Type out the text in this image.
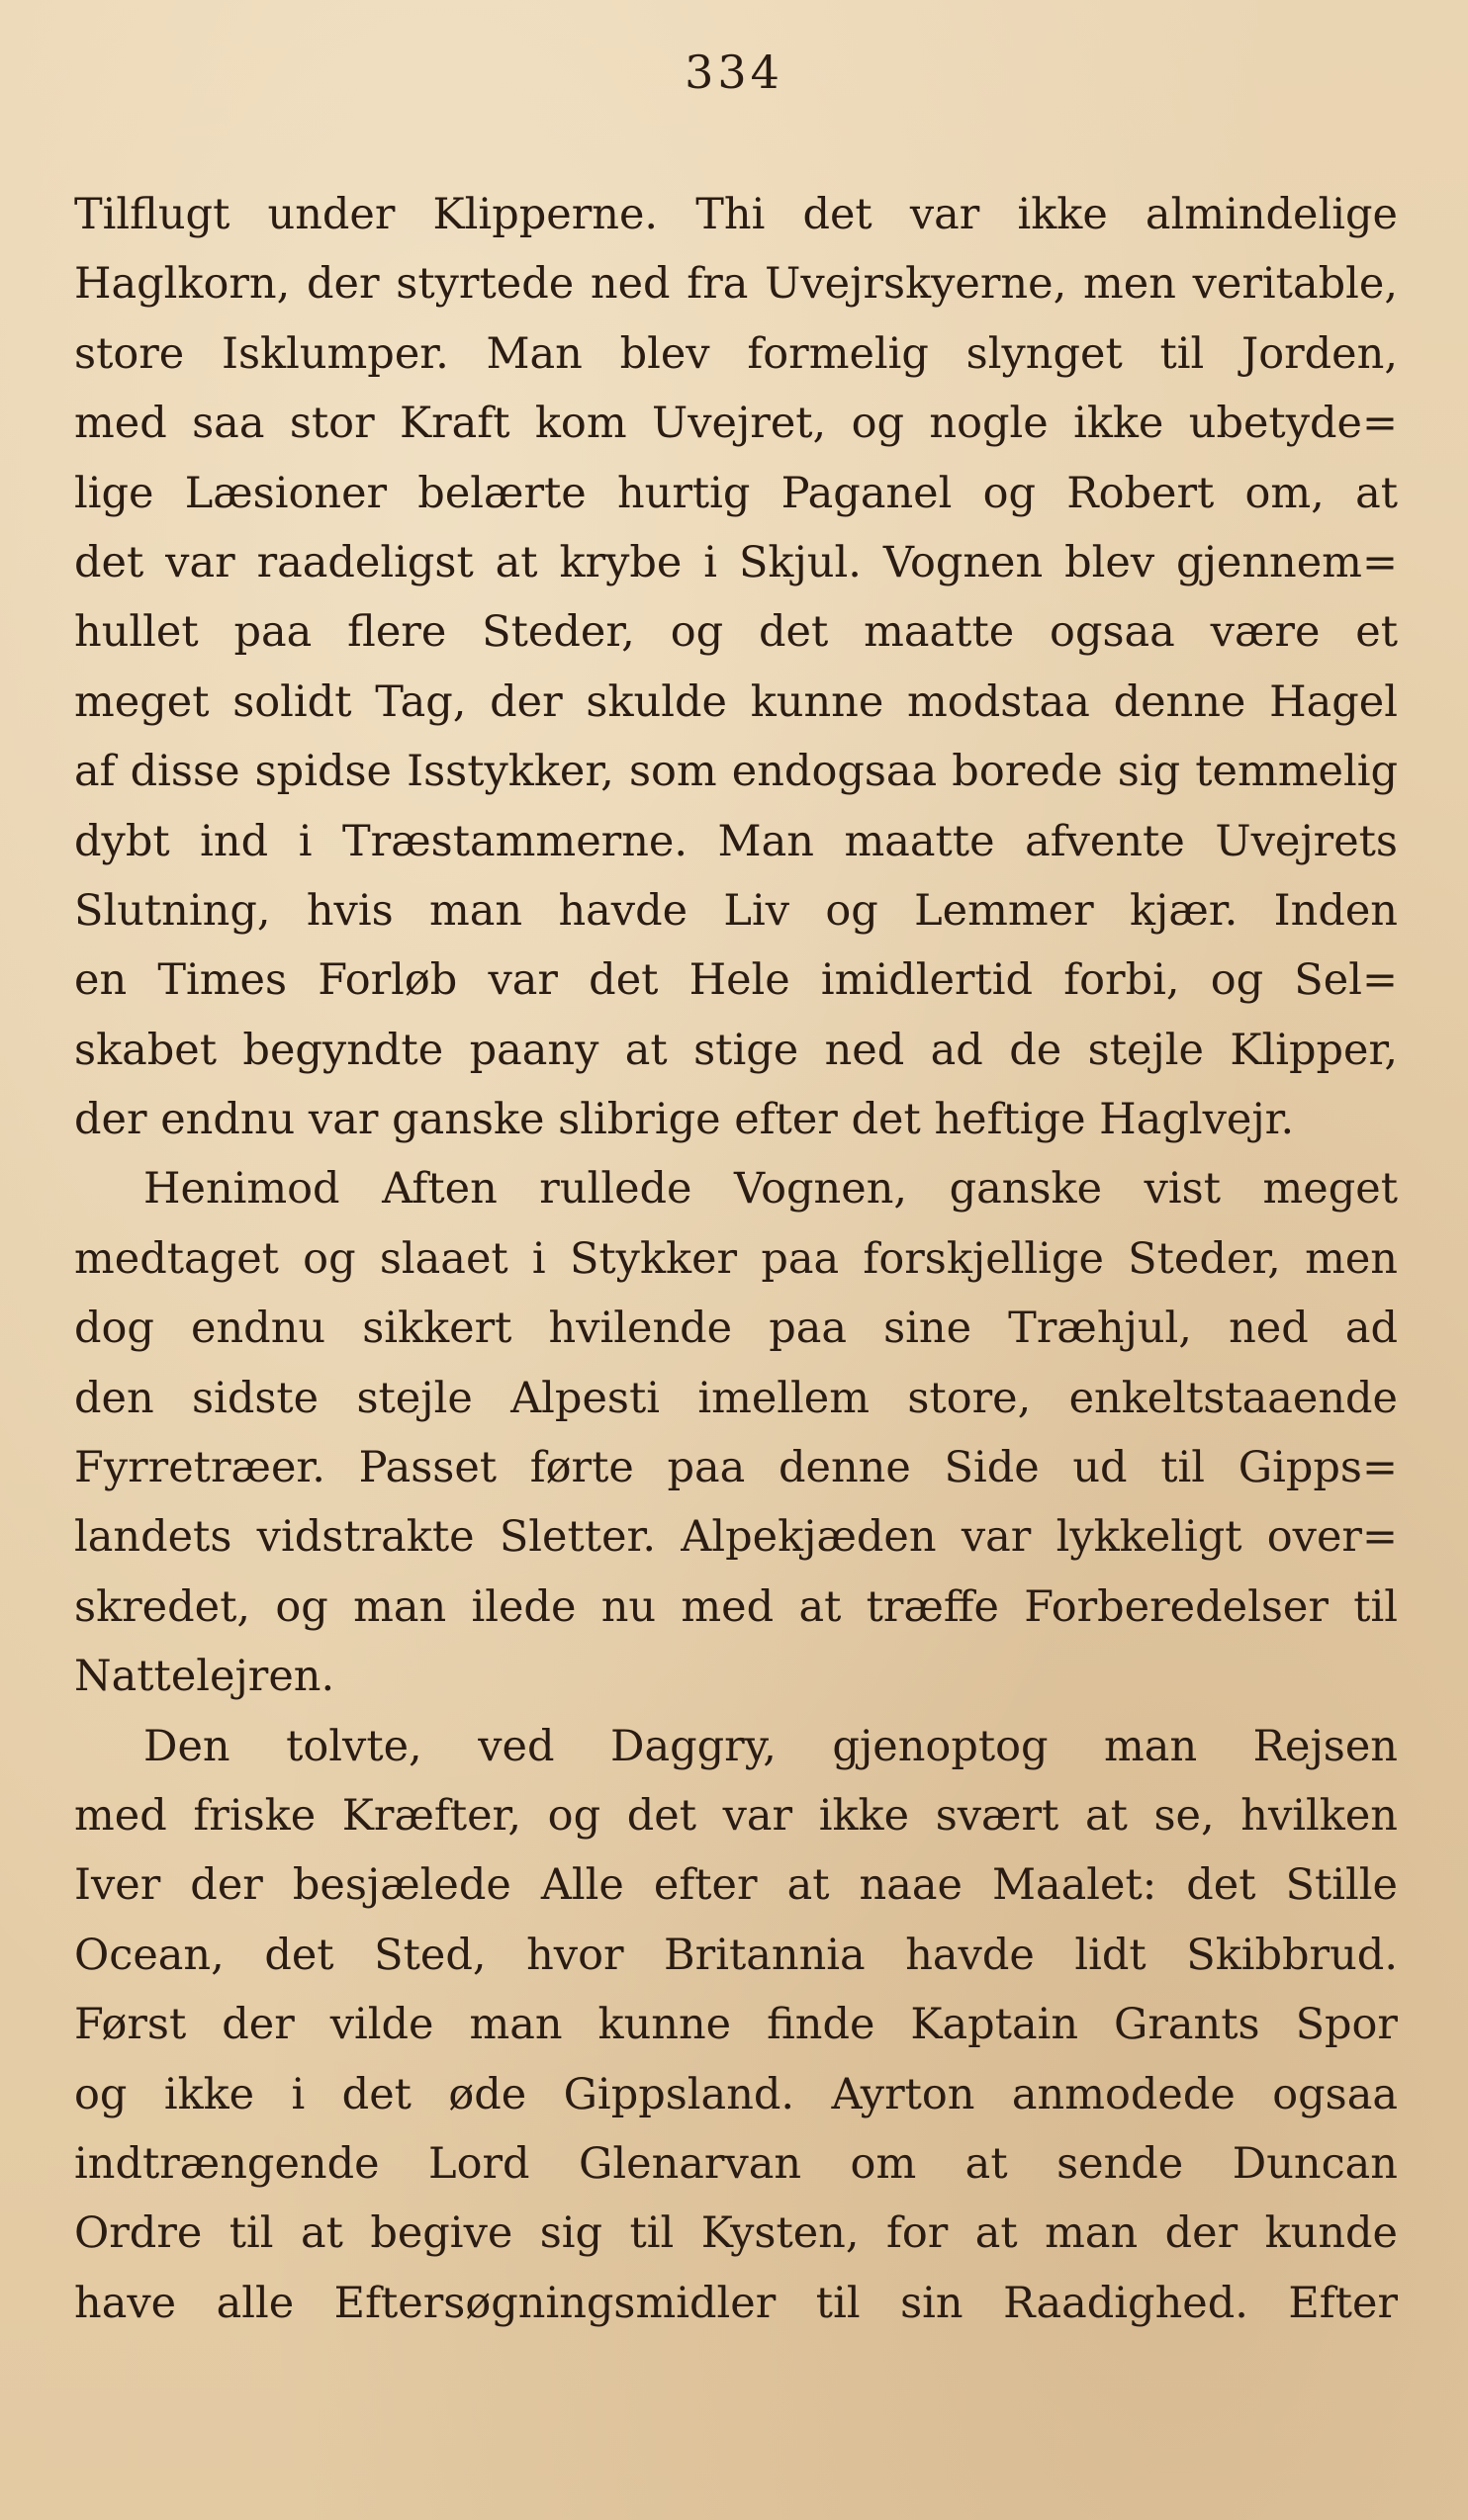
334
Tilflugt under Klipperne. Thi det var ikke almindelige
Haglkorn, der styrtede ned fra Uvejrskyerne, men veritable,
store Isklumper. Man blev formelig slynget til Jorden,
med saa stor Kraft kom Uvejret, og nogle ikke ubetyde=
lige Læsioner belærte hurtig Paganel og Robert om, at
det var raadeligst at krybe i Skjul. Vognen blev gjennem=
hullet paa flere Steder, og det maatte ogsaa være et
meget solidt Tag, der skulde kunne modstaa denne Hagel
af disse spidse Isstykker, som endogsaa borede sig temmelig
dybt ind i Træstammerne. Man maatte afvente Uvejrets
Slutning, hvis man havde Liv og Lemmer kjær. Inden
en Times Forløb var det Hele imidlertid forbi, og Sel=
skabet begyndte paany at stige ned ad de stejle Klipper,
der endnu var ganske slibrige efter det heftige Haglvejr.
Henimod Aften rullede Vognen, ganske vist meget
medtaget og slaaet i Stykker paa forskjellige Steder, men
dog endnu sikkert hvilende paa sine Træhjul, ned ad
den sidste stejle Alpesti imellem store, enkeltstaaende
Fyrretræer. Passet førte paa denne Side ud til Gipps=
landets vidstrakte Sletter. Alpekjæden var lykkeligt over=
skredet, og man ilede nu med at træffe Forberedelser til
Nattelejren.
Den tolvte, ved Daggry, gjenoptog man Rejsen
med friske Kræfter, og det var ikke svært at se, hvilken
Iver der besjælede Alle efter at naae Maalet: det Stille
Ocean, det Sted, hvor Britannia havde lidt Skibbrud.
Først der vilde man kunne finde Kaptain Grants Spor
og ikke i det øde Gippsland. Ayrton anmodede ogsaa
indtrængende Lord Glenarvan om at sende Duncan
Ordre til at begive sig til Kysten, for at man der kunde
have alle Eftersøgningsmidler til sin Raadighed. Efter
